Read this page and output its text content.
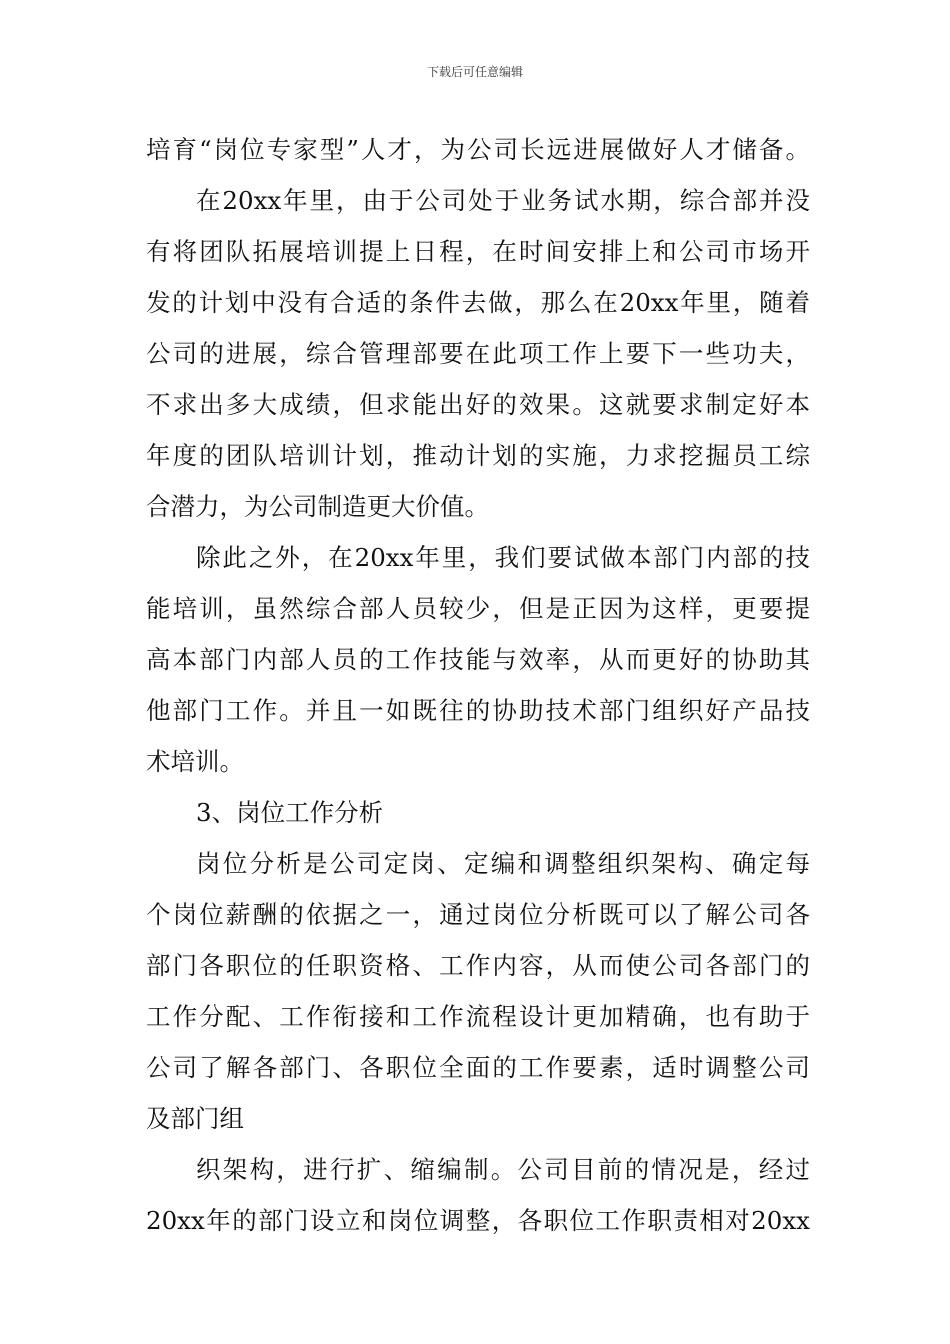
下载后可任意编辑
培育“岗位专家型”人才，为公司长远进展做好人才储备。
在20xx年里，由于公司处于业务试水期，综合部并没
有将团队拓展培训提上日程，在时间安排上和公司市场开
发的计划中没有合适的条件去做，那么在20xx年里，随着
公司的进展，综合管理部要在此项工作上要下一些功夫，
不求出多大成绩，但求能出好的效果。这就要求制定好本
年度的团队培训计划，推动计划的实施，力求挖掘员工综
合潜力，为公司制造更大价值。
除此之外，在20xx年里，我们要试做本部门内部的技
能培训，虽然综合部人员较少，但是正因为这样，更要提
高本部门内部人员的工作技能与效率，从而更好的协助其
他部门工作。并且一如既往的协助技术部门组织好产品技
术培训。
3、岗位工作分析
岗位分析是公司定岗、定编和调整组织架构、确定每
个岗位薪酬的依据之一，通过岗位分析既可以了解公司各
部门各职位的任职资格、工作内容，从而使公司各部门的
工作分配、工作衔接和工作流程设计更加精确，也有助于
公司了解各部门、各职位全面的工作要素，适时调整公司
及部门组
织架构，进行扩、缩编制。公司目前的情况是，经过
20xx年的部门设立和岗位调整，各职位工作职责相对20xx
